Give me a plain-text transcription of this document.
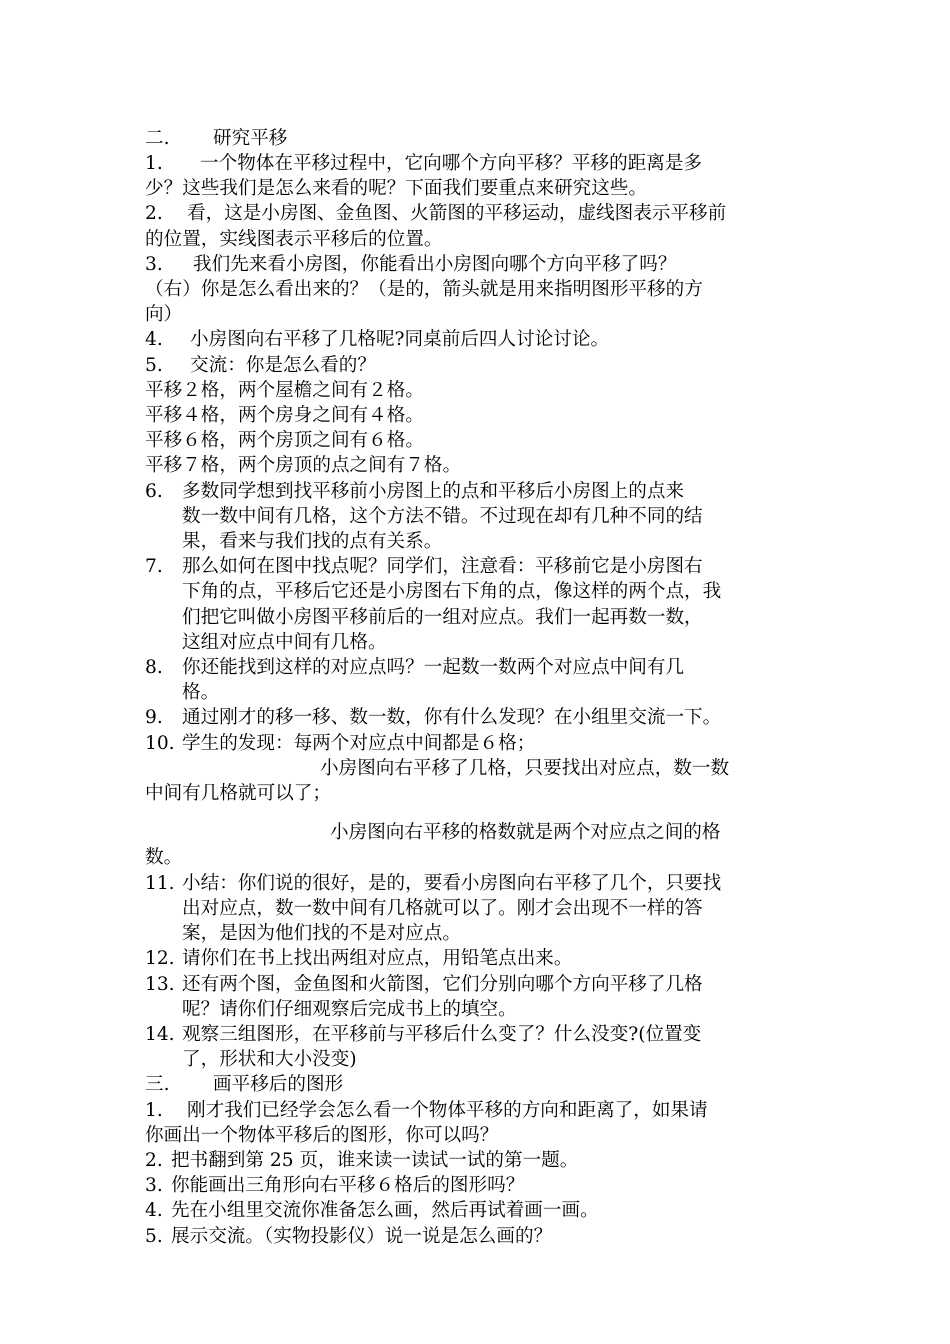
二. 研究平移
1. 一个物体在平移过程中，它向哪个方向平移？平移的距离是多
少？这些我们是怎么来看的呢？下面我们要重点来研究这些。
2. 看，这是小房图、金鱼图、火箭图的平移运动，虚线图表示平移前
的位置，实线图表示平移后的位置。
3. 我们先来看小房图，你能看出小房图向哪个方向平移了吗？
（右）你是怎么看出来的？（是的，箭头就是用来指明图形平移的方
向）
4. 小房图向右平移了几格呢?同桌前后四人讨论讨论。
5. 交流：你是怎么看的？
平移２格，两个屋檐之间有２格。
平移４格，两个房身之间有４格。
平移６格，两个房顶之间有６格。
平移７格，两个房顶的点之间有７格。
6. 多数同学想到找平移前小房图上的点和平移后小房图上的点来
数一数中间有几格，这个方法不错。不过现在却有几种不同的结
果，看来与我们找的点有关系。
7. 那么如何在图中找点呢？同学们，注意看：平移前它是小房图右
下角的点，平移后它还是小房图右下角的点，像这样的两个点，我
们把它叫做小房图平移前后的一组对应点。我们一起再数一数，
这组对应点中间有几格。
8. 你还能找到这样的对应点吗？一起数一数两个对应点中间有几
格。
9. 通过刚才的移一移、数一数，你有什么发现？在小组里交流一下。
10. 学生的发现：每两个对应点中间都是６格；
小房图向右平移了几格，只要找出对应点，数一数
中间有几格就可以了；
小房图向右平移的格数就是两个对应点之间的格
数。
11. 小结：你们说的很好，是的，要看小房图向右平移了几个，只要找
出对应点，数一数中间有几格就可以了。刚才会出现不一样的答
案，是因为他们找的不是对应点。
12. 请你们在书上找出两组对应点，用铅笔点出来。
13. 还有两个图，金鱼图和火箭图，它们分别向哪个方向平移了几格
呢？请你们仔细观察后完成书上的填空。
14. 观察三组图形，在平移前与平移后什么变了？什么没变?(位置变
了，形状和大小没变)
三. 画平移后的图形
1. 刚才我们已经学会怎么看一个物体平移的方向和距离了，如果请
你画出一个物体平移后的图形，你可以吗？
2. 把书翻到第 25 页，谁来读一读试一试的第一题。
3. 你能画出三角形向右平移６格后的图形吗？
4. 先在小组里交流你准备怎么画，然后再试着画一画。
5. 展示交流。（实物投影仪）说一说是怎么画的？
